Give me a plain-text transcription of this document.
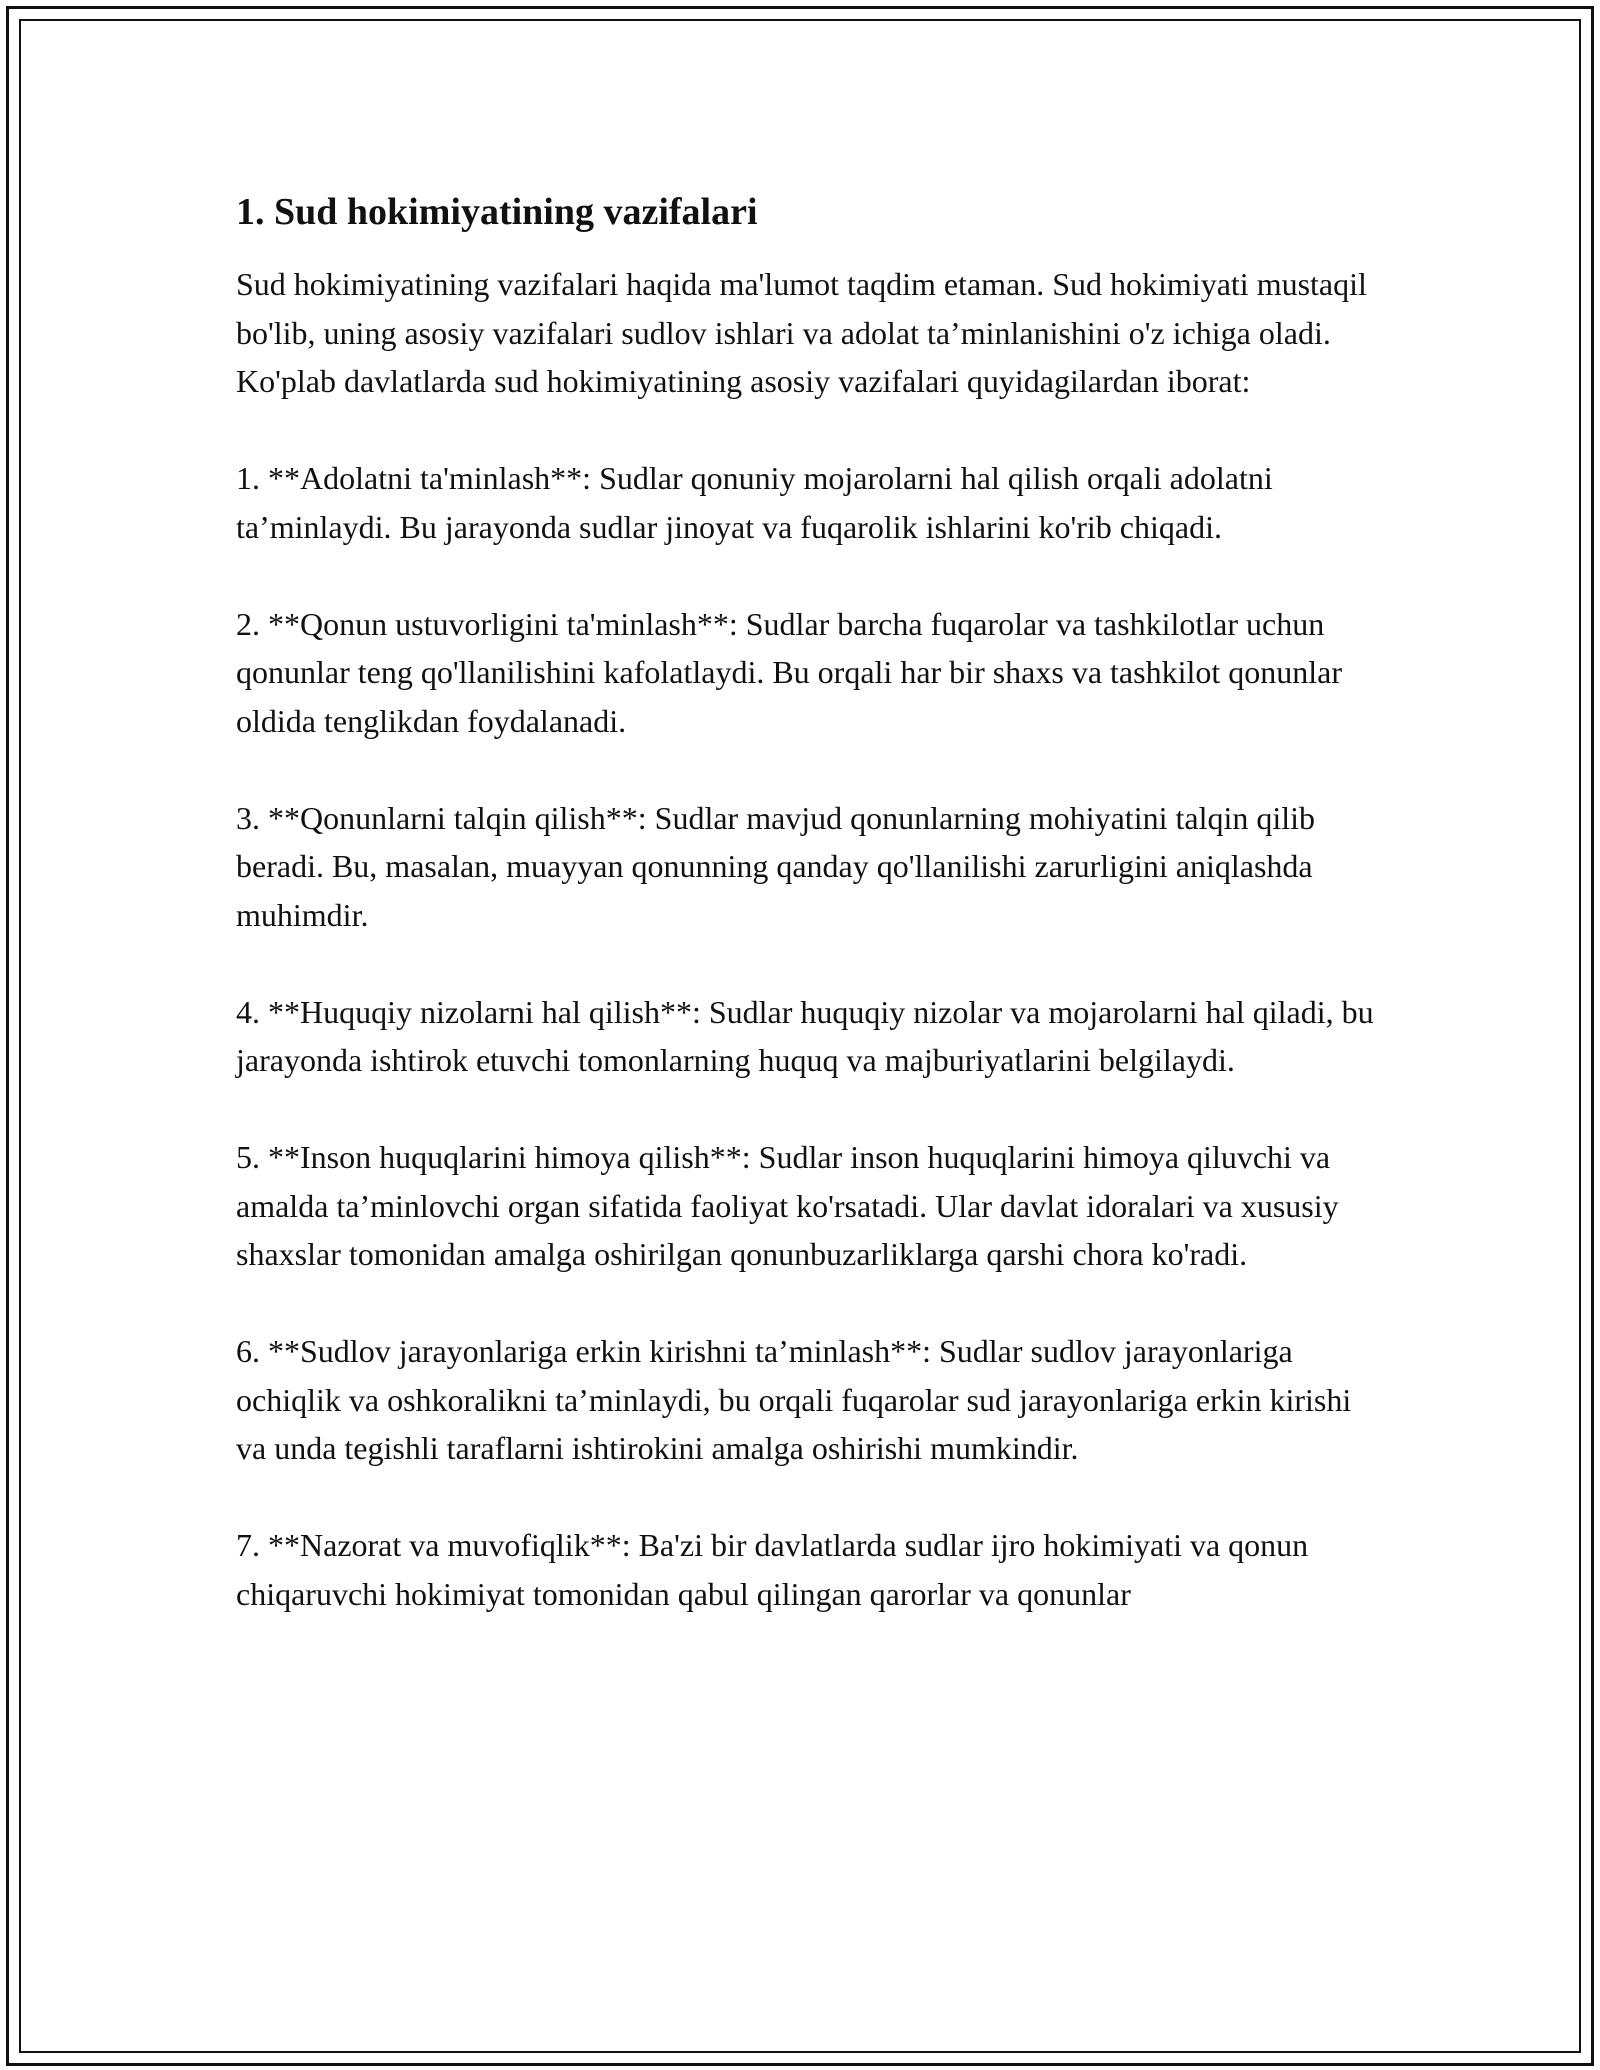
1. Sud hokimiyatining vazifalari

Sud hokimiyatining vazifalari haqida ma'lumot taqdim etaman. Sud hokimiyati mustaqil bo'lib, uning asosiy vazifalari sudlov ishlari va adolat ta’minlanishini o'z ichiga oladi. Ko'plab davlatlarda sud hokimiyatining asosiy vazifalari quyidagilardan iborat:

1. **Adolatni ta'minlash**: Sudlar qonuniy mojarolarni hal qilish orqali adolatni ta’minlaydi. Bu jarayonda sudlar jinoyat va fuqarolik ishlarini ko'rib chiqadi.

2. **Qonun ustuvorligini ta'minlash**: Sudlar barcha fuqarolar va tashkilotlar uchun qonunlar teng qo'llanilishini kafolatlaydi. Bu orqali har bir shaxs va tashkilot qonunlar oldida tenglikdan foydalanadi.

3. **Qonunlarni talqin qilish**: Sudlar mavjud qonunlarning mohiyatini talqin qilib beradi. Bu, masalan, muayyan qonunning qanday qo'llanilishi zarurligini aniqlashda muhimdir.

4. **Huquqiy nizolarni hal qilish**: Sudlar huquqiy nizolar va mojarolarni hal qiladi, bu jarayonda ishtirok etuvchi tomonlarning huquq va majburiyatlarini belgilaydi.

5. **Inson huquqlarini himoya qilish**: Sudlar inson huquqlarini himoya qiluvchi va amalda ta’minlovchi organ sifatida faoliyat ko'rsatadi. Ular davlat idoralari va xususiy shaxslar tomonidan amalga oshirilgan qonunbuzarliklarga qarshi chora ko'radi.

6. **Sudlov jarayonlariga erkin kirishni ta’minlash**: Sudlar sudlov jarayonlariga ochiqlik va oshkoralikni ta’minlaydi, bu orqali fuqarolar sud jarayonlariga erkin kirishi va unda tegishli taraflarni ishtirokini amalga oshirishi mumkindir.

7. **Nazorat va muvofiqlik**: Ba'zi bir davlatlarda sudlar ijro hokimiyati va qonun chiqaruvchi hokimiyat tomonidan qabul qilingan qarorlar va qonunlar
